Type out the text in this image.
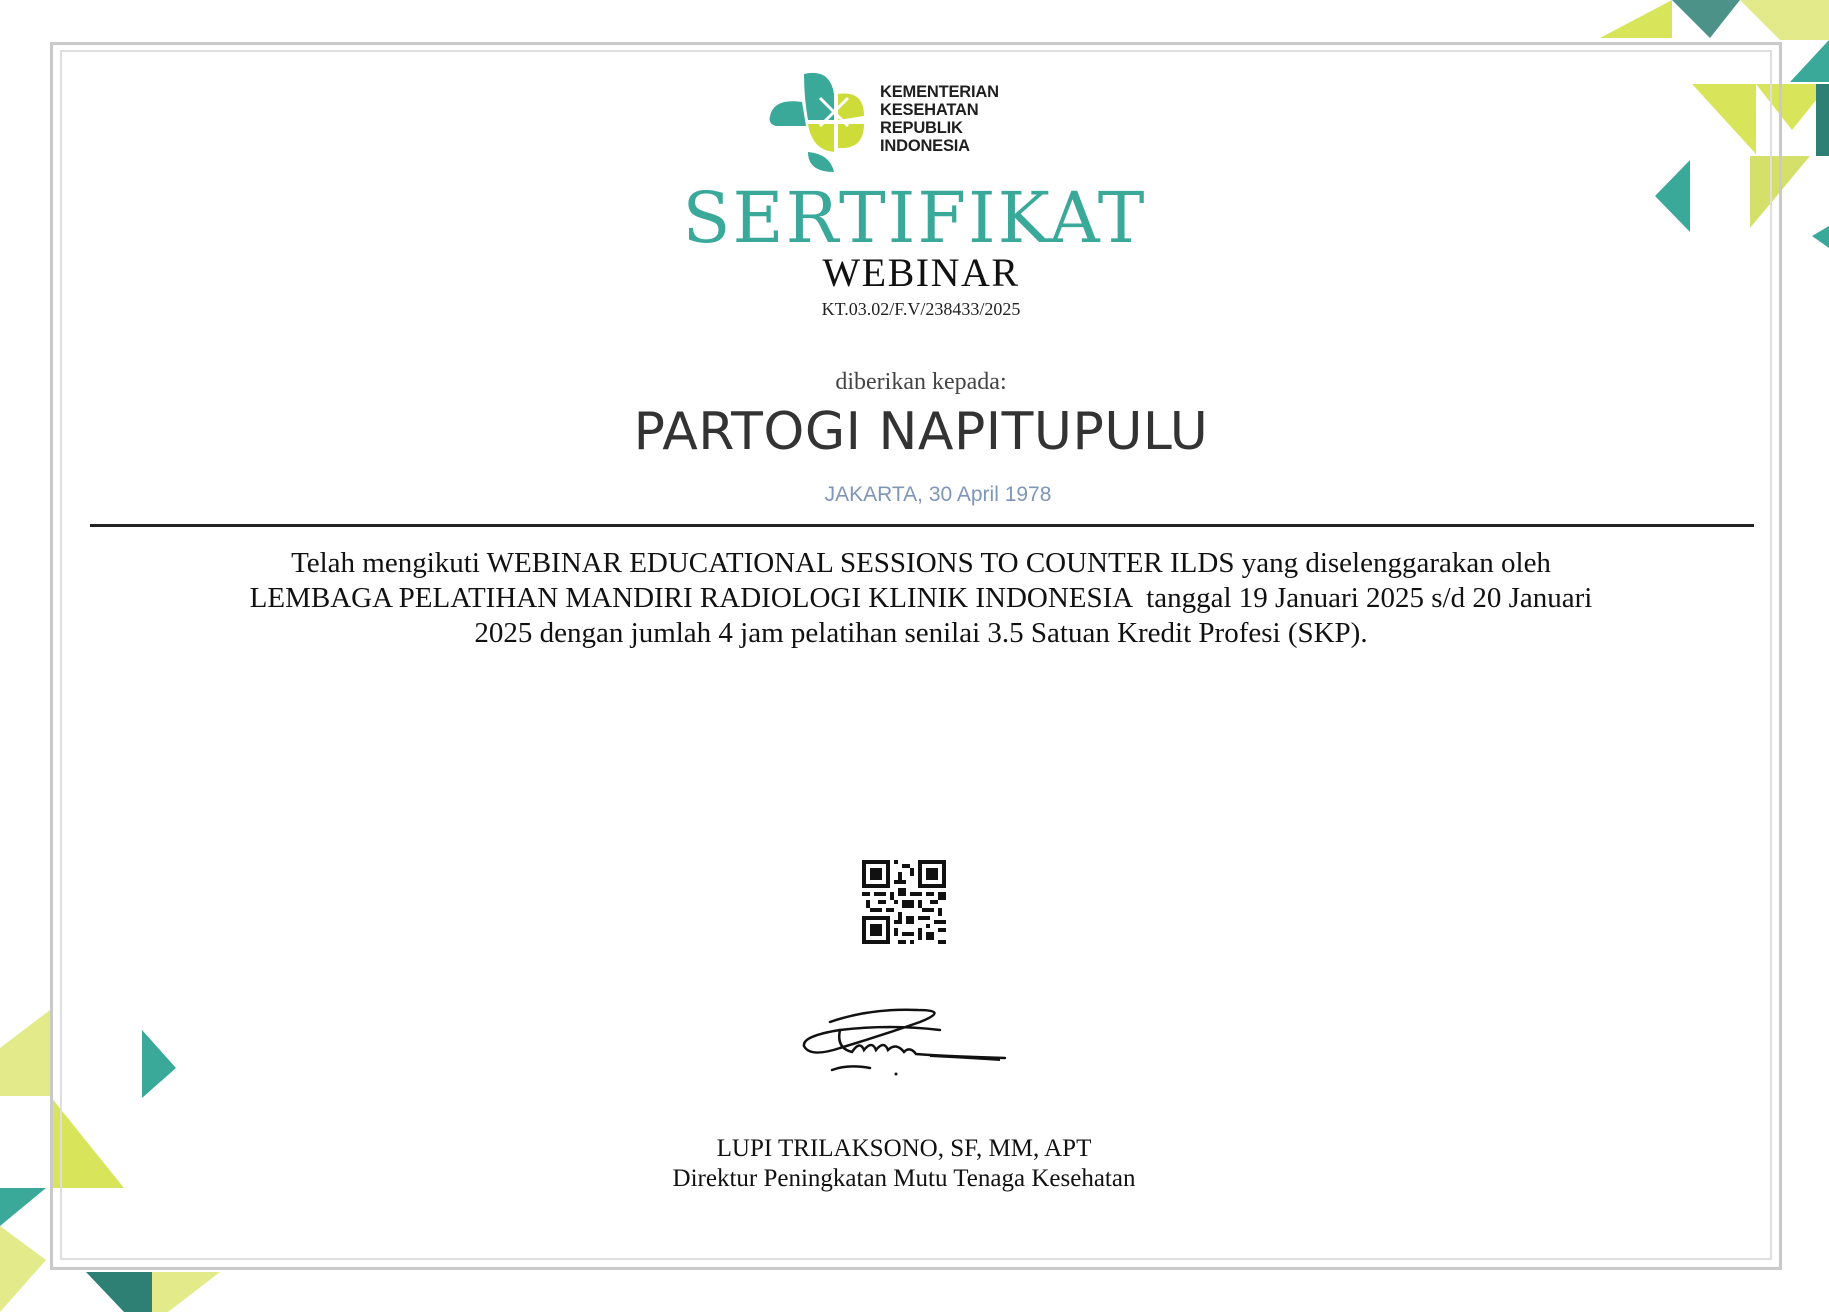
KEMENTERIAN
KESEHATAN
REPUBLIK
INDONESIA
SERTIFIKAT
WEBINAR
KT.03.02/F.V/238433/2025
diberikan kepada:
PARTOGI NAPITUPULU
JAKARTA, 30 April 1978
Telah mengikuti WEBINAR EDUCATIONAL SESSIONS TO COUNTER ILDS yang diselenggarakan oleh
LEMBAGA PELATIHAN MANDIRI RADIOLOGI KLINIK INDONESIA  tanggal 19 Januari 2025 s/d 20 Januari
2025 dengan jumlah 4 jam pelatihan senilai 3.5 Satuan Kredit Profesi (SKP).
LUPI TRILAKSONO, SF, MM, APT
Direktur Peningkatan Mutu Tenaga Kesehatan
